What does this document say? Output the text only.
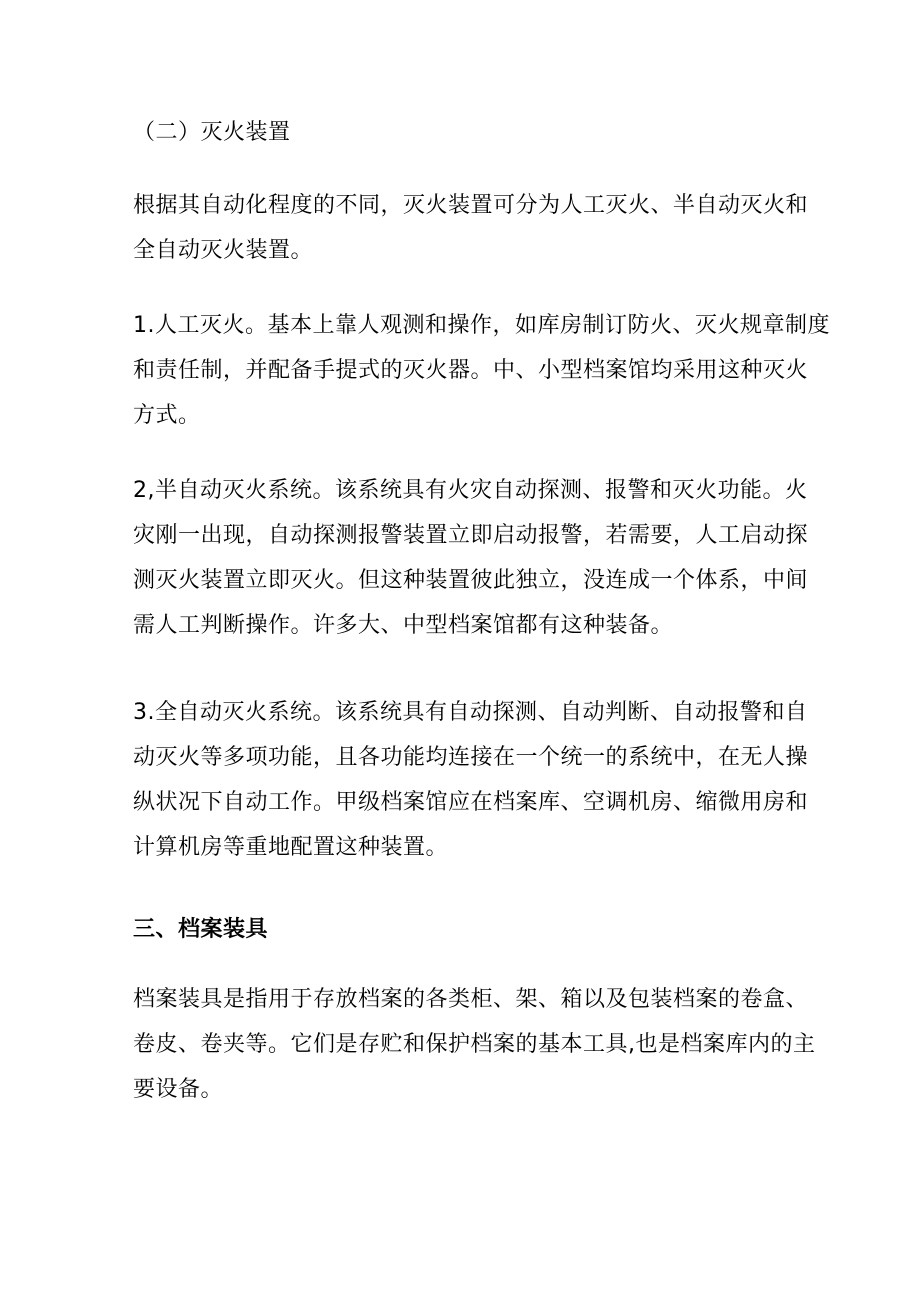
（二）灭火装置
根据其自动化程度的不同，灭火装置可分为人工灭火、半自动灭火和
全自动灭火装置。
1.人工灭火。基本上靠人观测和操作，如库房制订防火、灭火规章制度
和责任制，并配备手提式的灭火器。中、小型档案馆均采用这种灭火
方式。
2,半自动灭火系统。该系统具有火灾自动探测、报警和灭火功能。火
灾刚一出现，自动探测报警装置立即启动报警，若需要，人工启动探
测灭火装置立即灭火。但这种装置彼此独立，没连成一个体系，中间
需人工判断操作。许多大、中型档案馆都有这种装备。
3.全自动灭火系统。该系统具有自动探测、自动判断、自动报警和自
动灭火等多项功能，且各功能均连接在一个统一的系统中，在无人操
纵状况下自动工作。甲级档案馆应在档案库、空调机房、缩微用房和
计算机房等重地配置这种装置。
三、档案装具
档案装具是指用于存放档案的各类柜、架、箱以及包装档案的卷盒、
卷皮、卷夹等。它们是存贮和保护档案的基本工具,也是档案库内的主
要设备。
